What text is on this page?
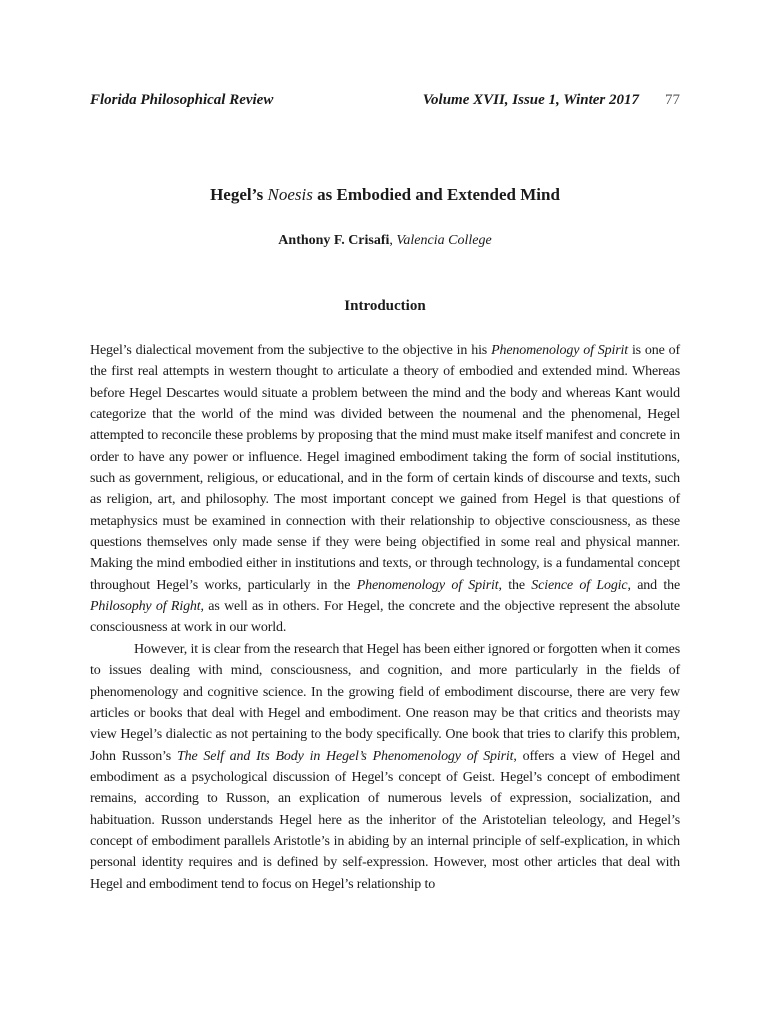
Florida Philosophical Review	Volume XVII, Issue 1, Winter 2017 77
Hegel’s Noesis as Embodied and Extended Mind
Anthony F. Crisafi, Valencia College
Introduction

Hegel’s dialectical movement from the subjective to the objective in his Phenomenology of Spirit is one of the first real attempts in western thought to articulate a theory of embodied and extended mind. Whereas before Hegel Descartes would situate a problem between the mind and the body and whereas Kant would categorize that the world of the mind was divided between the noumenal and the phenomenal, Hegel attempted to reconcile these problems by proposing that the mind must make itself manifest and concrete in order to have any power or influence. Hegel imagined embodiment taking the form of social institutions, such as government, religious, or educational, and in the form of certain kinds of discourse and texts, such as religion, art, and philosophy. The most important concept we gained from Hegel is that questions of metaphysics must be examined in connection with their relationship to objective consciousness, as these questions themselves only made sense if they were being objectified in some real and physical manner. Making the mind embodied either in institutions and texts, or through technology, is a fundamental concept throughout Hegel’s works, particularly in the Phenomenology of Spirit, the Science of Logic, and the Philosophy of Right, as well as in others. For Hegel, the concrete and the objective represent the absolute consciousness at work in our world.

However, it is clear from the research that Hegel has been either ignored or forgotten when it comes to issues dealing with mind, consciousness, and cognition, and more particularly in the fields of phenomenology and cognitive science. In the growing field of embodiment discourse, there are very few articles or books that deal with Hegel and embodiment. One reason may be that critics and theorists may view Hegel’s dialectic as not pertaining to the body specifically. One book that tries to clarify this problem, John Russon’s The Self and Its Body in Hegel’s Phenomenology of Spirit, offers a view of Hegel and embodiment as a psychological discussion of Hegel’s concept of Geist. Hegel’s concept of embodiment remains, according to Russon, an explication of numerous levels of expression, socialization, and habituation. Russon understands Hegel here as the inheritor of the Aristotelian teleology, and Hegel’s concept of embodiment parallels Aristotle’s in abiding by an internal principle of self-explication, in which personal identity requires and is defined by self-expression. However, most other articles that deal with Hegel and embodiment tend to focus on Hegel’s relationship to
